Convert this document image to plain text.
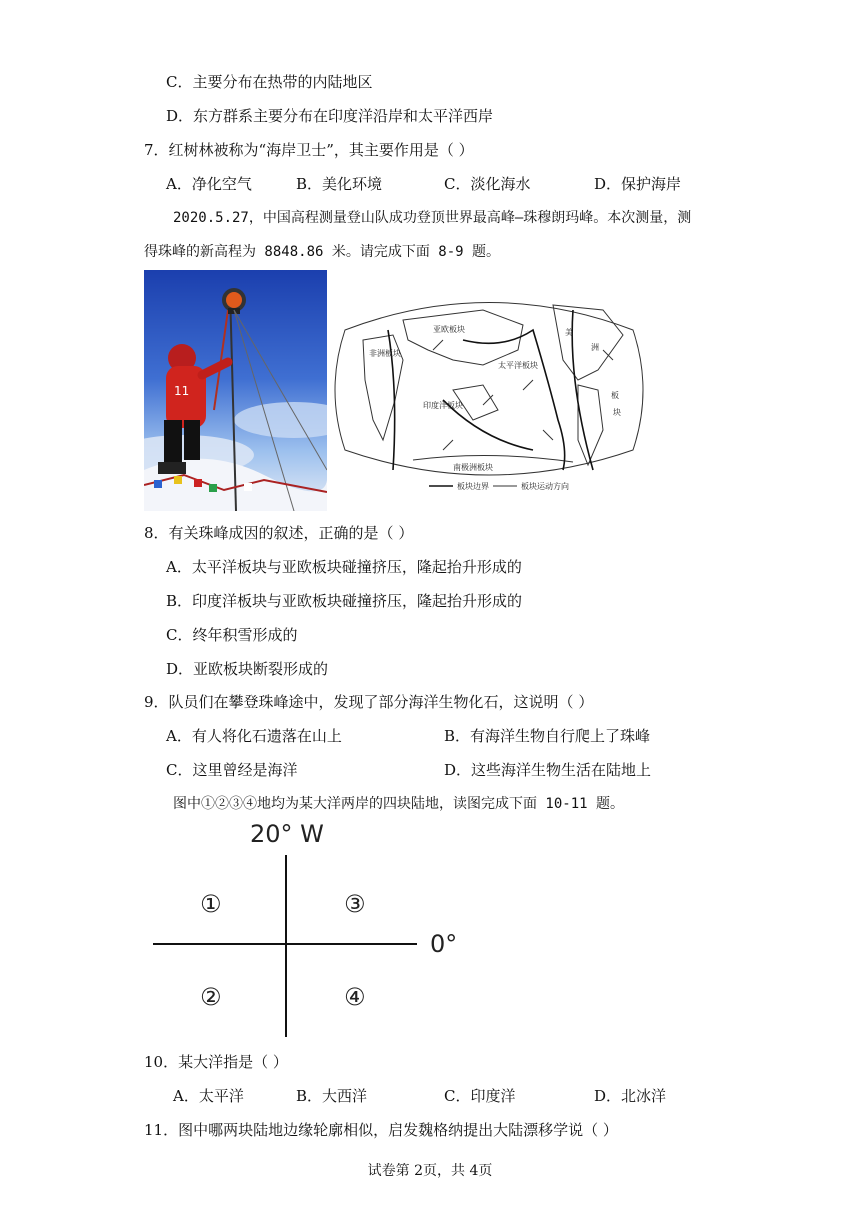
C．主要分布在热带的内陆地区
D．东方群系主要分布在印度洋沿岸和太平洋西岸
7．红树林被称为“海岸卫士”，其主要作用是（ ）
A．净化空气	B．美化环境	C．淡化海水	D．保护海岸
2020.5.27，中国高程测量登山队成功登顶世界最高峰—珠穆朗玛峰。本次测量，测
得珠峰的新高程为 8848.86 米。请完成下面 8-9 题。
11
亚欧板块
非洲板块
太平洋板块
印度洋板块
南极洲板块
美
洲
板
块
板块边界	板块运动方向
8．有关珠峰成因的叙述，正确的是（ ）
A．太平洋板块与亚欧板块碰撞挤压，隆起抬升形成的
B．印度洋板块与亚欧板块碰撞挤压，隆起抬升形成的
C．终年积雪形成的
D．亚欧板块断裂形成的
9．队员们在攀登珠峰途中，发现了部分海洋生物化石，这说明（ ）
A．有人将化石遗落在山上	B．有海洋生物自行爬上了珠峰
C．这里曾经是海洋	D．这些海洋生物生活在陆地上
图中①②③④地均为某大洋两岸的四块陆地，读图完成下面 10-11 题。
20° W
0°
①	③
②	④
10．某大洋指是（ ）
A．太平洋	B．大西洋	C．印度洋	D．北冰洋
11．图中哪两块陆地边缘轮廓相似，启发魏格纳提出大陆漂移学说（ ）
试卷第 2页，共 4页
